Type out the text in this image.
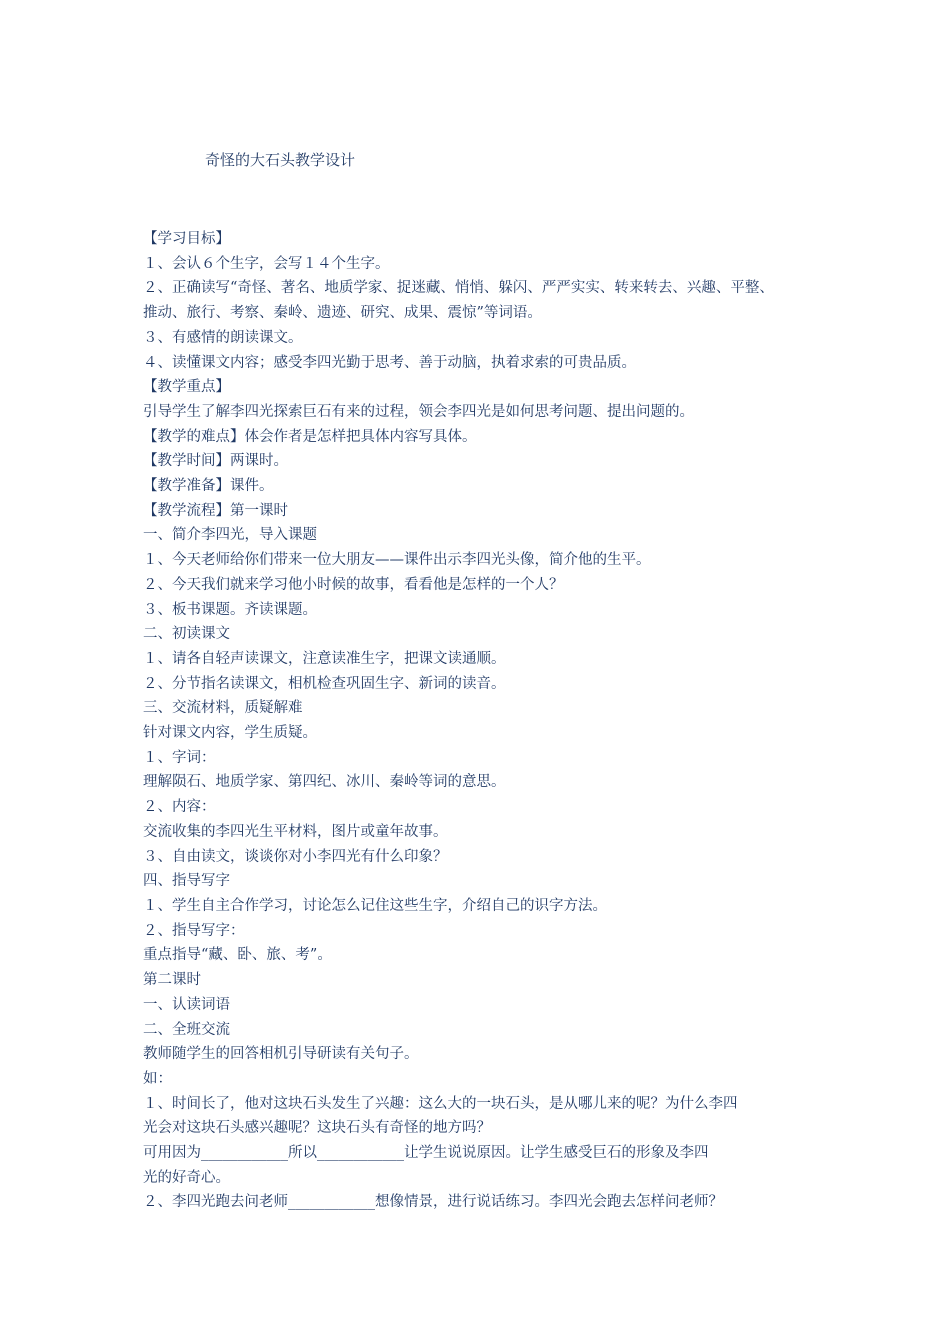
奇怪的大石头教学设计
【学习目标】
１、会认６个生字，会写１４个生字。
２、正确读写“奇怪、著名、地质学家、捉迷藏、悄悄、躲闪、严严实实、转来转去、兴趣、平整、
推动、旅行、考察、秦岭、遗迹、研究、成果、震惊”等词语。
３、有感情的朗读课文。
４、读懂课文内容；感受李四光勤于思考、善于动脑，执着求索的可贵品质。
【教学重点】
引导学生了解李四光探索巨石有来的过程，领会李四光是如何思考问题、提出问题的。
【教学的难点】体会作者是怎样把具体内容写具体。
【教学时间】两课时。
【教学准备】课件。
【教学流程】第一课时
一、简介李四光，导入课题
１、今天老师给你们带来一位大朋友——课件出示李四光头像，简介他的生平。
２、今天我们就来学习他小时候的故事，看看他是怎样的一个人？
３、板书课题。齐读课题。
二、初读课文
１、请各自轻声读课文，注意读准生字，把课文读通顺。
２、分节指名读课文，相机检查巩固生字、新词的读音。
三、交流材料，质疑解难
针对课文内容，学生质疑。
１、字词：
理解陨石、地质学家、第四纪、冰川、秦岭等词的意思。
２、内容：
交流收集的李四光生平材料，图片或童年故事。
３、自由读文，谈谈你对小李四光有什么印象？
四、指导写字
１、学生自主合作学习，讨论怎么记住这些生字，介绍自己的识字方法。
２、指导写字：
重点指导“藏、卧、旅、考”。
第二课时
一、认读词语
二、全班交流
教师随学生的回答相机引导研读有关句子。
如：
１、时间长了，他对这块石头发生了兴趣：这么大的一块石头，是从哪儿来的呢？为什么李四
光会对这块石头感兴趣呢？这块石头有奇怪的地方吗？
可用因为____________所以____________让学生说说原因。让学生感受巨石的形象及李四
光的好奇心。
２、李四光跑去问老师____________想像情景，进行说话练习。李四光会跑去怎样问老师？
